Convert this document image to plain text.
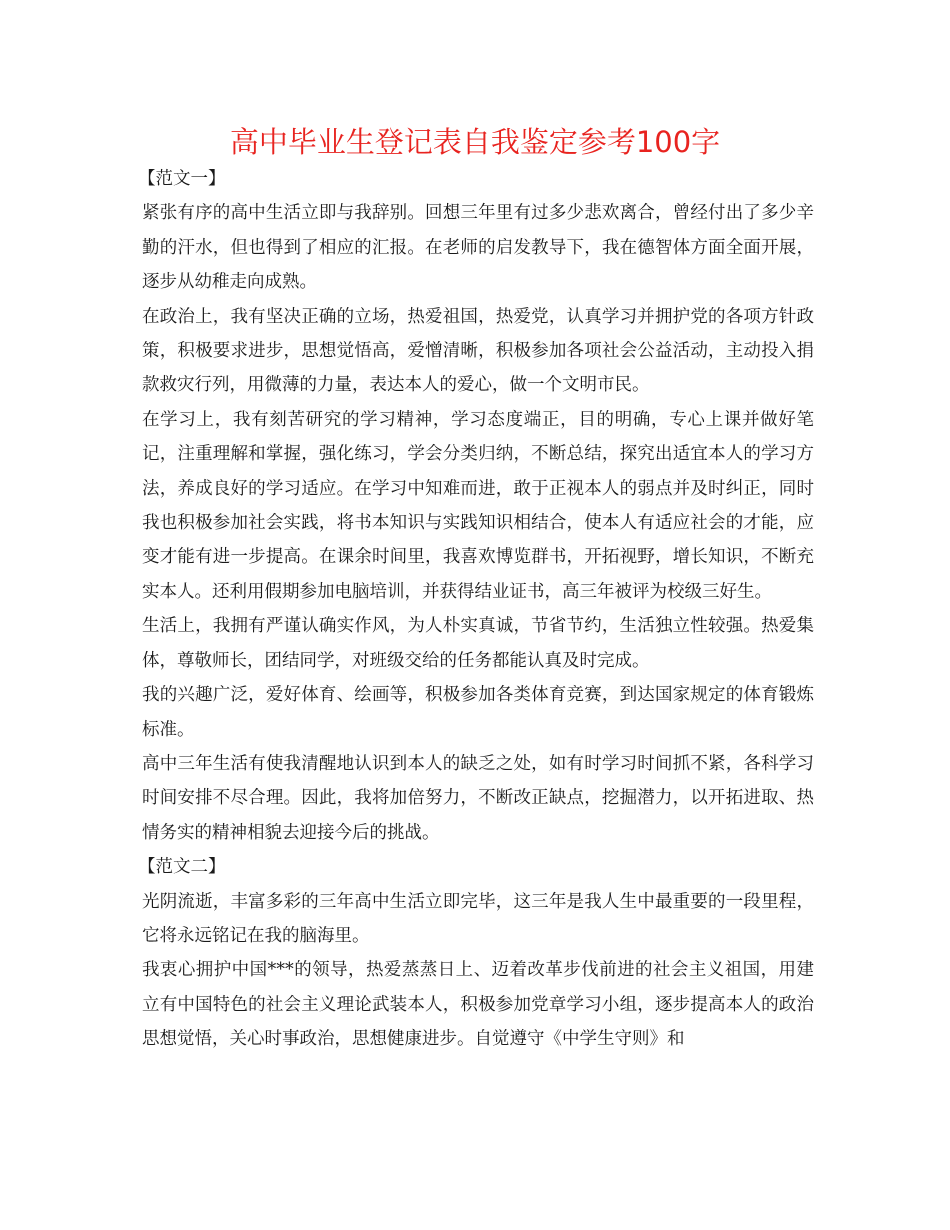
高中毕业生登记表自我鉴定参考100字

【范文一】

紧张有序的高中生活立即与我辞别。回想三年里有过多少悲欢离合，曾经付出了多少辛勤的汗水，但也得到了相应的汇报。在老师的启发教导下，我在德智体方面全面开展，逐步从幼稚走向成熟。

在政治上，我有坚决正确的立场，热爱祖国，热爱党，认真学习并拥护党的各项方针政策，积极要求进步，思想觉悟高，爱憎清晰，积极参加各项社会公益活动，主动投入捐款救灾行列，用微薄的力量，表达本人的爱心，做一个文明市民。

在学习上，我有刻苦研究的学习精神，学习态度端正，目的明确，专心上课并做好笔记，注重理解和掌握，强化练习，学会分类归纳，不断总结，探究出适宜本人的学习方法，养成良好的学习适应。在学习中知难而进，敢于正视本人的弱点并及时纠正，同时我也积极参加社会实践，将书本知识与实践知识相结合，使本人有适应社会的才能，应变才能有进一步提高。在课余时间里，我喜欢博览群书，开拓视野，增长知识，不断充实本人。还利用假期参加电脑培训，并获得结业证书，高三年被评为校级三好生。

生活上，我拥有严谨认确实作风，为人朴实真诚，节省节约，生活独立性较强。热爱集体，尊敬师长，团结同学，对班级交给的任务都能认真及时完成。

我的兴趣广泛，爱好体育、绘画等，积极参加各类体育竞赛，到达国家规定的体育锻炼标准。

高中三年生活有使我清醒地认识到本人的缺乏之处，如有时学习时间抓不紧，各科学习时间安排不尽合理。因此，我将加倍努力，不断改正缺点，挖掘潜力，以开拓进取、热情务实的精神相貌去迎接今后的挑战。

【范文二】

光阴流逝，丰富多彩的三年高中生活立即完毕，这三年是我人生中最重要的一段里程，它将永远铭记在我的脑海里。

我衷心拥护中国***的领导，热爱蒸蒸日上、迈着改革步伐前进的社会主义祖国，用建立有中国特色的社会主义理论武装本人，积极参加党章学习小组，逐步提高本人的政治思想觉悟，关心时事政治，思想健康进步。自觉遵守《中学生守则》和
